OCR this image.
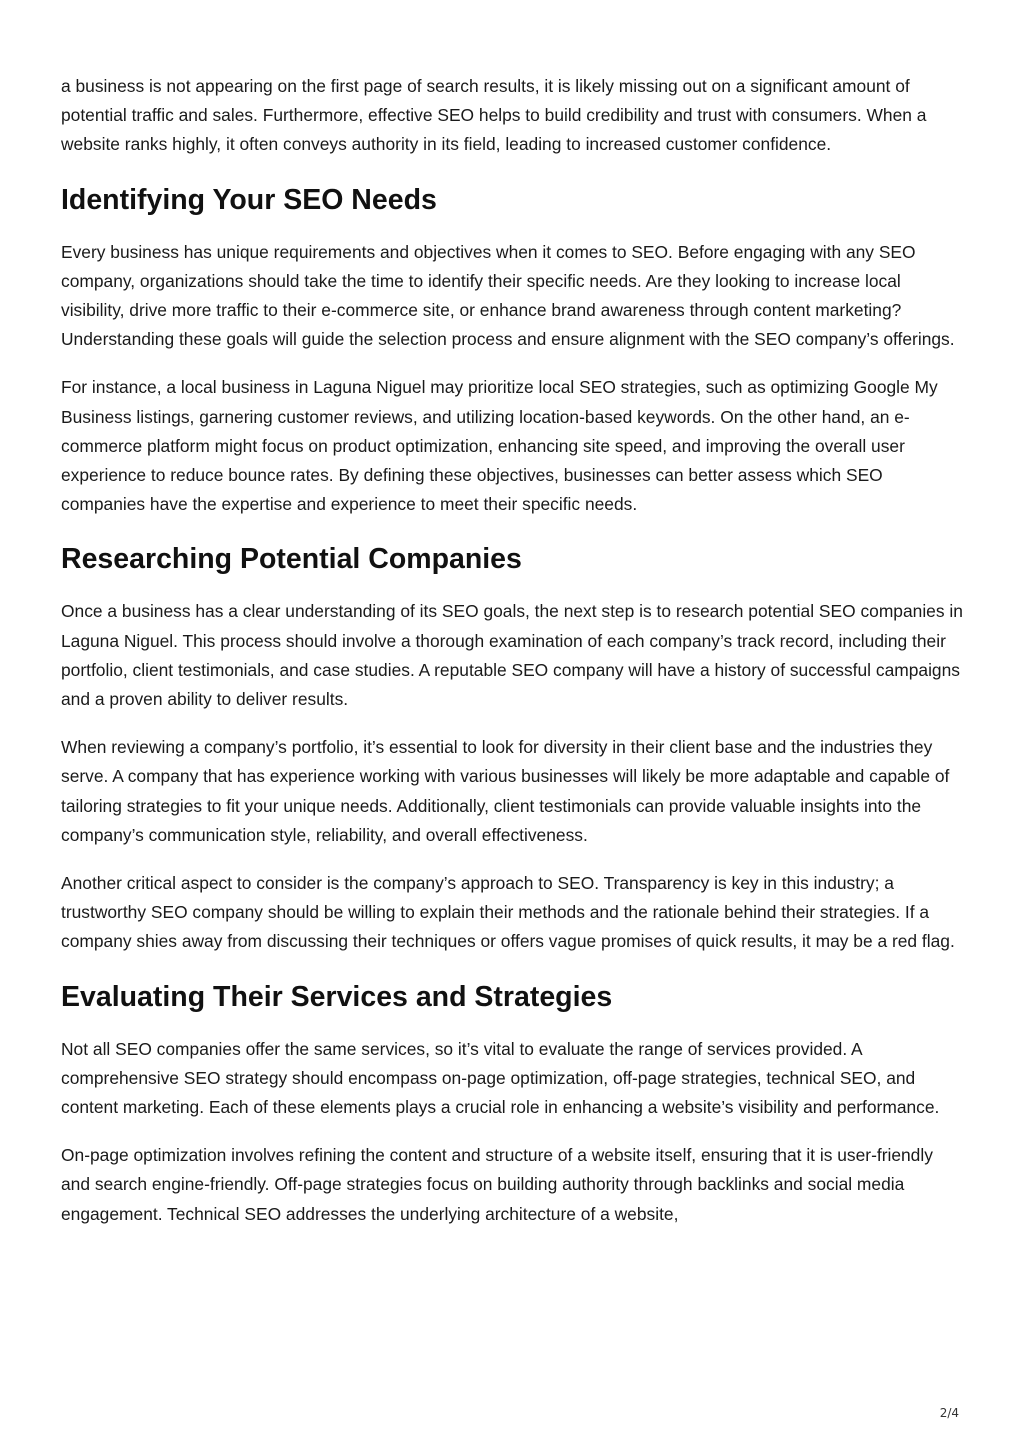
a business is not appearing on the first page of search results, it is likely missing out on a significant amount of potential traffic and sales. Furthermore, effective SEO helps to build credibility and trust with consumers. When a website ranks highly, it often conveys authority in its field, leading to increased customer confidence.

Identifying Your SEO Needs

Every business has unique requirements and objectives when it comes to SEO. Before engaging with any SEO company, organizations should take the time to identify their specific needs. Are they looking to increase local visibility, drive more traffic to their e-commerce site, or enhance brand awareness through content marketing? Understanding these goals will guide the selection process and ensure alignment with the SEO company’s offerings.

For instance, a local business in Laguna Niguel may prioritize local SEO strategies, such as optimizing Google My Business listings, garnering customer reviews, and utilizing location-based keywords. On the other hand, an e-commerce platform might focus on product optimization, enhancing site speed, and improving the overall user experience to reduce bounce rates. By defining these objectives, businesses can better assess which SEO companies have the expertise and experience to meet their specific needs.

Researching Potential Companies

Once a business has a clear understanding of its SEO goals, the next step is to research potential SEO companies in Laguna Niguel. This process should involve a thorough examination of each company’s track record, including their portfolio, client testimonials, and case studies. A reputable SEO company will have a history of successful campaigns and a proven ability to deliver results.

When reviewing a company’s portfolio, it’s essential to look for diversity in their client base and the industries they serve. A company that has experience working with various businesses will likely be more adaptable and capable of tailoring strategies to fit your unique needs. Additionally, client testimonials can provide valuable insights into the company’s communication style, reliability, and overall effectiveness.

Another critical aspect to consider is the company’s approach to SEO. Transparency is key in this industry; a trustworthy SEO company should be willing to explain their methods and the rationale behind their strategies. If a company shies away from discussing their techniques or offers vague promises of quick results, it may be a red flag.

Evaluating Their Services and Strategies

Not all SEO companies offer the same services, so it’s vital to evaluate the range of services provided. A comprehensive SEO strategy should encompass on-page optimization, off-page strategies, technical SEO, and content marketing. Each of these elements plays a crucial role in enhancing a website’s visibility and performance.

On-page optimization involves refining the content and structure of a website itself, ensuring that it is user-friendly and search engine-friendly. Off-page strategies focus on building authority through backlinks and social media engagement. Technical SEO addresses the underlying architecture of a website,

2/4
